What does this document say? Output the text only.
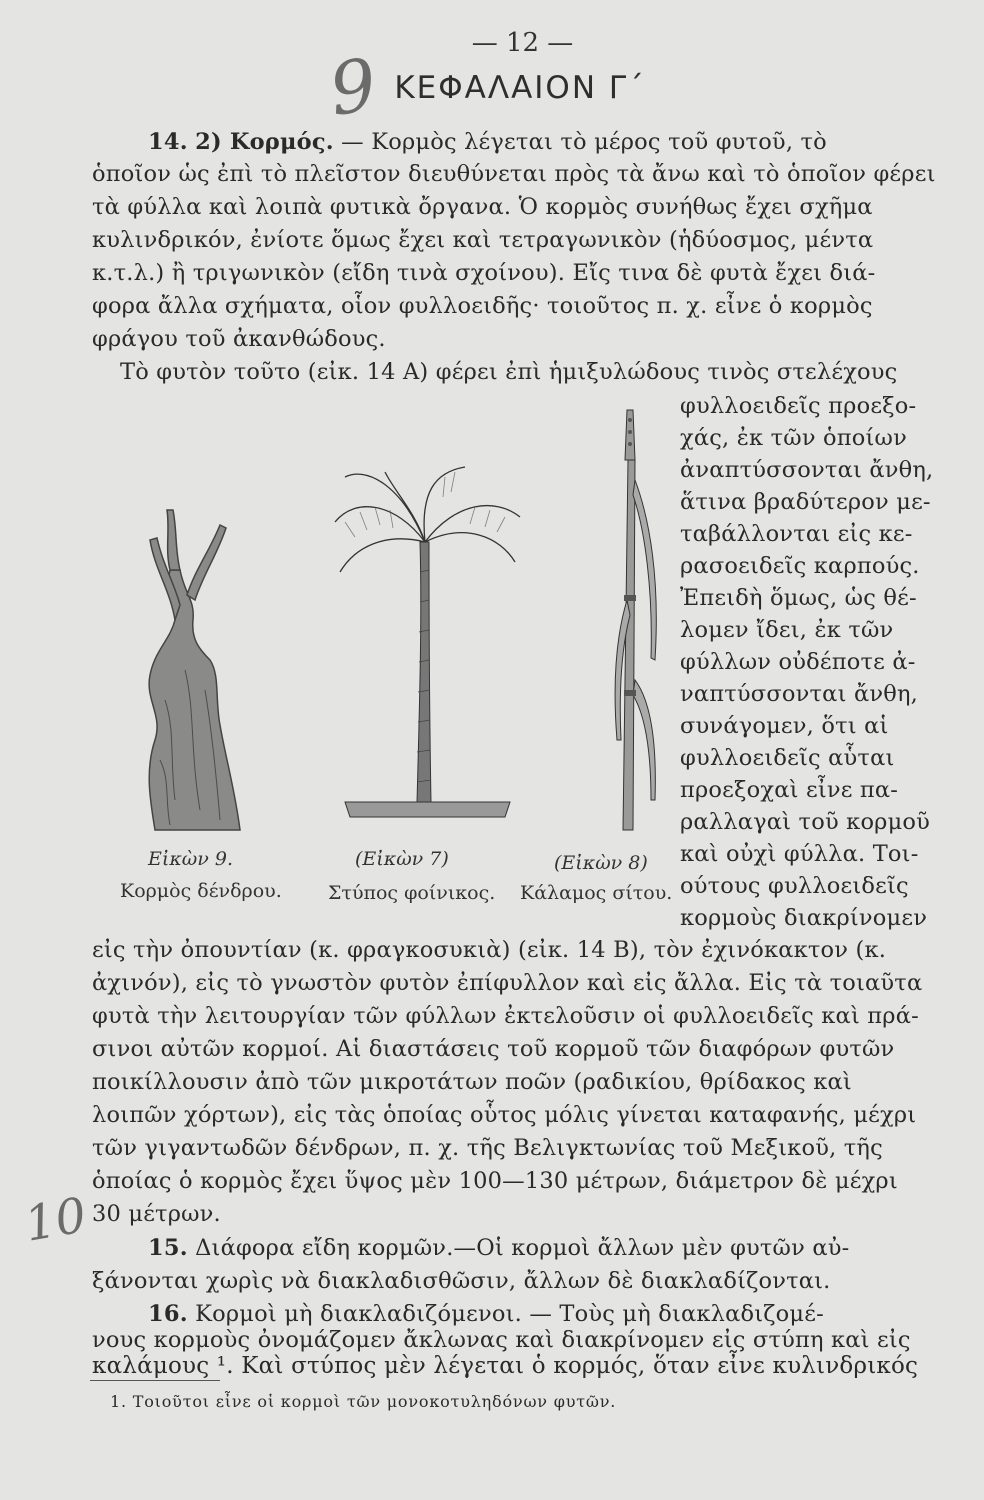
— 12 —
9 ΚΕΦΑΛΑΙΟΝ Γ΄
14. 2) Κορμός. — Κορμὸς λέγεται τὸ μέρος τοῦ φυτοῦ, τὸ
ὁποῖον ὡς ἐπὶ τὸ πλεῖστον διευθύνεται πρὸς τὰ ἄνω καὶ τὸ ὁποῖον φέρει
τὰ φύλλα καὶ λοιπὰ φυτικὰ ὄργανα. Ὁ κορμὸς συνήθως ἔχει σχῆμα
κυλινδρικόν, ἐνίοτε ὅμως ἔχει καὶ τετραγωνικὸν (ἡδύοσμος, μέντα
κ.τ.λ.) ἢ τριγωνικὸν (εἴδη τινὰ σχοίνου). Εἴς τινα δὲ φυτὰ ἔχει διά-
φορα ἄλλα σχήματα, οἷον φυλλοειδῆς· τοιοῦτος π. χ. εἶνε ὁ κορμὸς
φράγου τοῦ ἀκανθώδους.
Τὸ φυτὸν τοῦτο (εἰκ. 14 Α) φέρει ἐπὶ ἡμιξυλώδους τινὸς στελέχους
φυλλοειδεῖς προεξο-
χάς, ἐκ τῶν ὁποίων
ἀναπτύσσονται ἄνθη,
ἅτινα βραδύτερον με-
ταβάλλονται εἰς κε-
ρασοειδεῖς καρπούς.
Ἐπειδὴ ὅμως, ὡς θέ-
λομεν ἴδει, ἐκ τῶν
φύλλων οὐδέποτε ἀ-
ναπτύσσονται ἄνθη,
συνάγομεν, ὅτι αἱ
φυλλοειδεῖς αὗται
προεξοχαὶ εἶνε πα-
ραλλαγαὶ τοῦ κορμοῦ
καὶ οὐχὶ φύλλα. Τοι-
ούτους φυλλοειδεῖς
κορμοὺς διακρίνομεν
Εἰκὼν 9.
Κορμὸς δένδρου.
(Εἰκὼν 7)
Στύπος φοίνικος.
(Εἰκὼν 8)
Κάλαμος σίτου.
εἰς τὴν ὀπουντίαν (κ. φραγκοσυκιὰ) (εἰκ. 14 Β), τὸν ἐχινόκακτον (κ.
ἀχινόν), εἰς τὸ γνωστὸν φυτὸν ἐπίφυλλον καὶ εἰς ἄλλα. Εἰς τὰ τοιαῦτα
φυτὰ τὴν λειτουργίαν τῶν φύλλων ἐκτελοῦσιν οἱ φυλλοειδεῖς καὶ πρά-
σινοι αὐτῶν κορμοί. Αἱ διαστάσεις τοῦ κορμοῦ τῶν διαφόρων φυτῶν
ποικίλλουσιν ἀπὸ τῶν μικροτάτων ποῶν (ραδικίου, θρίδακος καὶ
λοιπῶν χόρτων), εἰς τὰς ὁποίας οὗτος μόλις γίνεται καταφανής, μέχρι
τῶν γιγαντωδῶν δένδρων, π. χ. τῆς Βελιγκτωνίας τοῦ Μεξικοῦ, τῆς
ὁποίας ὁ κορμὸς ἔχει ὕψος μὲν 100—130 μέτρων, διάμετρον δὲ μέχρι
30 μέτρων.
10	15. Διάφορα εἴδη κορμῶν.—Οἱ κορμοὶ ἄλλων μὲν φυτῶν αὐ-
ξάνονται χωρὶς νὰ διακλαδισθῶσιν, ἄλλων δὲ διακλαδίζονται.
16. Κορμοὶ μὴ διακλαδιζόμενοι. — Τοὺς μὴ διακλαδιζομέ-
νους κορμοὺς ὀνομάζομεν ἄκλωνας καὶ διακρίνομεν εἰς στύπη καὶ εἰς
καλάμους ¹. Καὶ στύπος μὲν λέγεται ὁ κορμός, ὅταν εἶνε κυλινδρικός
1. Τοιοῦτοι εἶνε οἱ κορμοὶ τῶν μονοκοτυληδόνων φυτῶν.
